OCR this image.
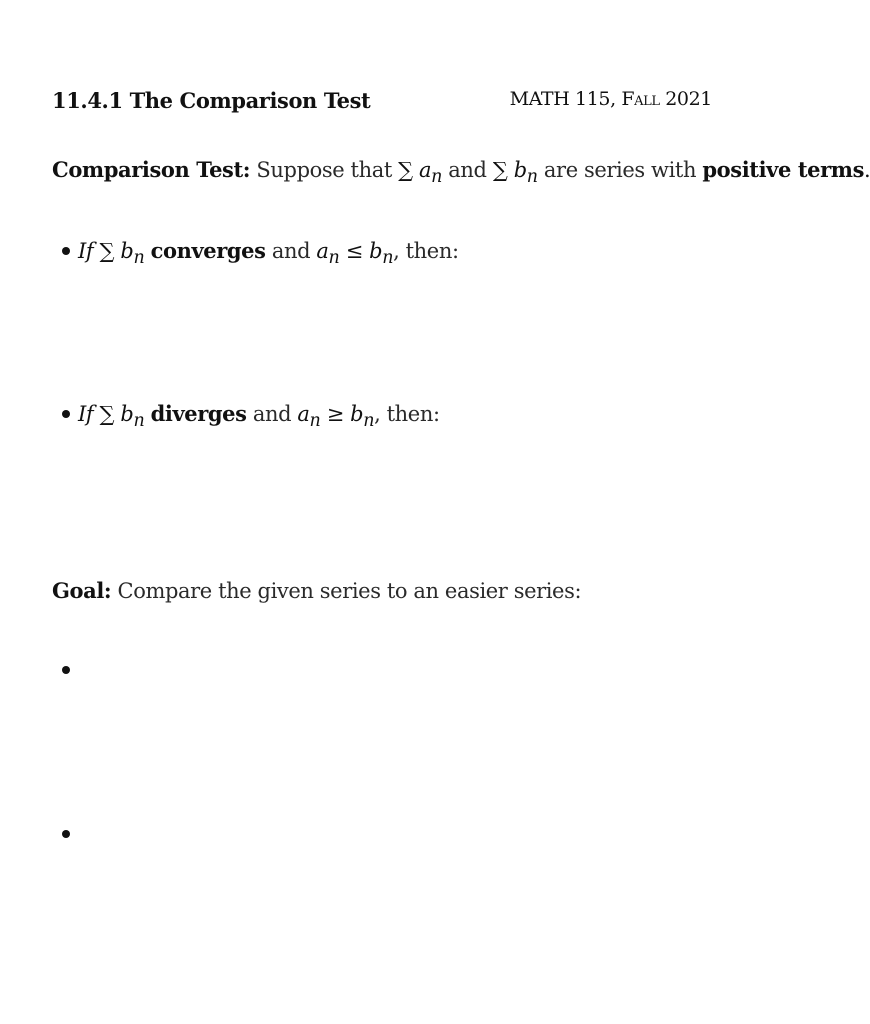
11.4.1 The Comparison Test	MATH 115, Fall 2021
Comparison Test: Suppose that ∑ $a_n$ and ∑ $b_n$ are series with positive terms.
If ∑ $b_n$ converges and $a_n \le b_n$, then:
If ∑ $b_n$ diverges and $a_n \ge b_n$, then:
Goal: Compare the given series to an easier series:
